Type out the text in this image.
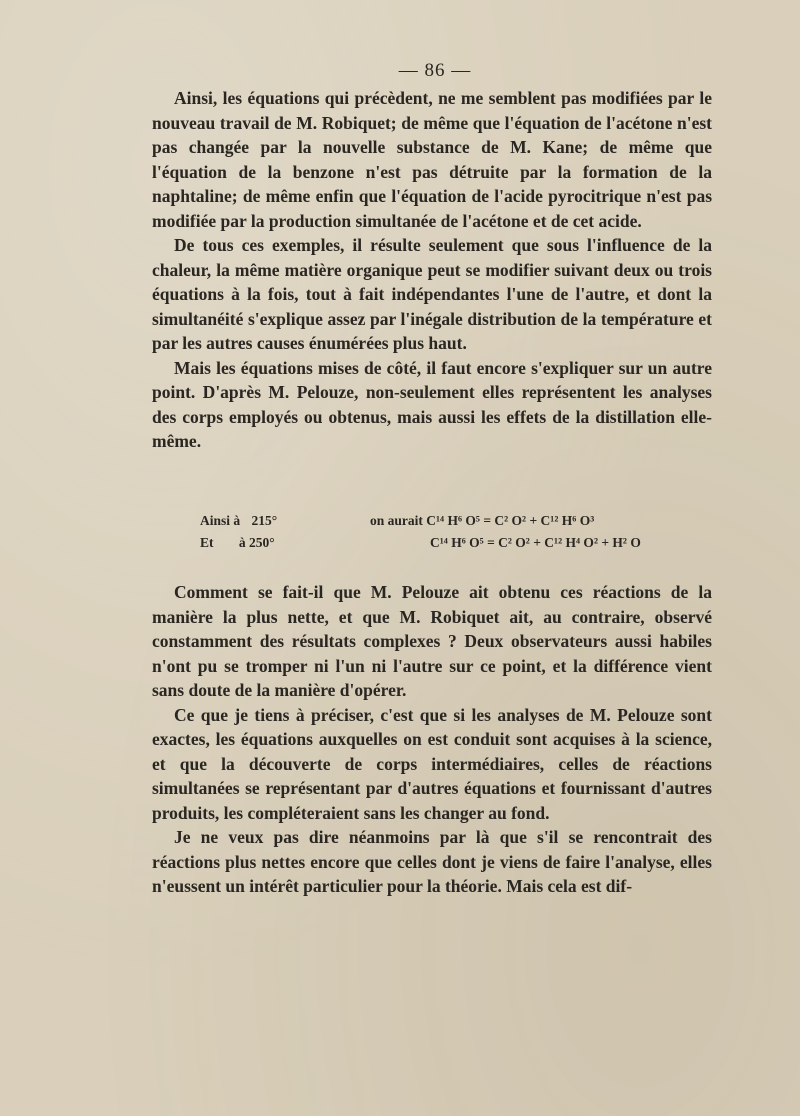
— 86 —

Ainsi, les équations qui précèdent, ne me semblent pas modifiées par le nouveau travail de M. Robiquet; de même que l'équation de l'acétone n'est pas changée par la nouvelle substance de M. Kane; de même que l'équation de la benzone n'est pas détruite par la formation de la naphtaline; de même enfin que l'équation de l'acide pyrocitrique n'est pas modifiée par la production simultanée de l'acétone et de cet acide.

De tous ces exemples, il résulte seulement que sous l'influence de la chaleur, la même matière organique peut se modifier suivant deux ou trois équations à la fois, tout à fait indépendantes l'une de l'autre, et dont la simultanéité s'explique assez par l'inégale distribution de la température et par les autres causes énumérées plus haut.

Mais les équations mises de côté, il faut encore s'expliquer sur un autre point. D'après M. Pelouze, non-seulement elles représentent les analyses des corps employés ou obtenus, mais aussi les effets de la distillation elle-même.

Ainsi à 215°	on aurait C¹⁴ H⁶ O⁵ = C² O² + C¹² H⁶ O³
Et à 250°	C¹⁴ H⁶ O⁵ = C² O² + C¹² H⁴ O² + H² O

Comment se fait-il que M. Pelouze ait obtenu ces réactions de la manière la plus nette, et que M. Robiquet ait, au contraire, observé constamment des résultats complexes ? Deux observateurs aussi habiles n'ont pu se tromper ni l'un ni l'autre sur ce point, et la différence vient sans doute de la manière d'opérer.

Ce que je tiens à préciser, c'est que si les analyses de M. Pelouze sont exactes, les équations auxquelles on est conduit sont acquises à la science, et que la découverte de corps intermédiaires, celles de réactions simultanées se représentant par d'autres équations et fournissant d'autres produits, les compléteraient sans les changer au fond.

Je ne veux pas dire néanmoins par là que s'il se rencontrait des réactions plus nettes encore que celles dont je viens de faire l'analyse, elles n'eussent un intérêt particulier pour la théorie. Mais cela est dif-
